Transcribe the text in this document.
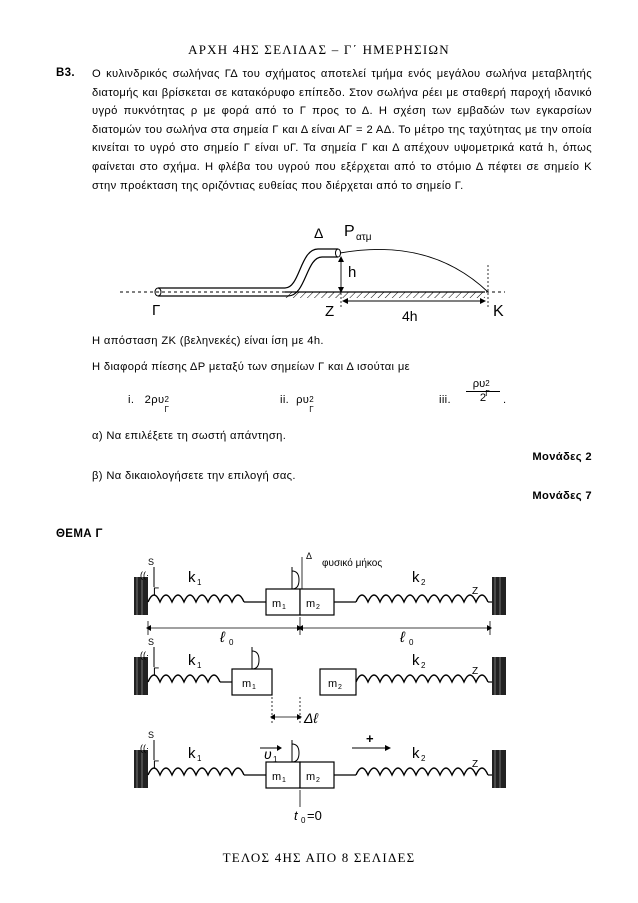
ΑΡΧΗ 4ΗΣ ΣΕΛΙΔΑΣ – Γ΄ ΗΜΕΡΗΣΙΩΝ
Β3. Ο κυλινδρικός σωλήνας ΓΔ του σχήματος αποτελεί τμήμα ενός μεγάλου σωλήνα μεταβλητής διατομής και βρίσκεται σε κατακόρυφο επίπεδο. Στον σωλήνα ρέει με σταθερή παροχή ιδανικό υγρό πυκνότητας ρ με φορά από το Γ προς το Δ. Η σχέση των εμβαδών των εγκαρσίων διατομών του σωλήνα στα σημεία Γ και Δ είναι ΑΓ = 2 ΑΔ. Το μέτρο της ταχύτητας με την οποία κινείται το υγρό στο σημείο Γ είναι υΓ. Τα σημεία Γ και Δ απέχουν υψομετρικά κατά h, όπως φαίνεται στο σχήμα. Η φλέβα του υγρού που εξέρχεται από το στόμιο Δ πέφτει σε σημείο Κ στην προέκταση της οριζόντιας ευθείας που διέρχεται από το σημείο Γ.
Δ P ατμ
h
Γ	Z	4h	K
Η απόσταση ΖΚ (βεληνεκές) είναι ίση με 4h.
Η διαφορά πίεσης ΔΡ μεταξύ των σημείων Γ και Δ ισούται με
i. 2ρυ 2
Γ
ii. ρυ 2
Γ
iii.
ρυ 2
Γ
2	.
α) Να επιλέξετε τη σωστή απάντηση.
Μονάδες 2
β) Να δικαιολογήσετε την επιλογή σας.
Μονάδες 7
ΘΕΜΑ Γ
S
((·
Γ	Z
Δ
φυσικό μήκος
k 1	k 2
m 1 m 2
ℓ 0	ℓ 0
S
((·
Γ	Z
k 1	k 2
m 1	m 2
Δℓ
S
((·
Γ	Z
k 1	k 2
m 1 m 2
υ 1
+
t 0 =0
ΤΕΛΟΣ 4ΗΣ ΑΠΟ 8 ΣΕΛΙΔΕΣ
